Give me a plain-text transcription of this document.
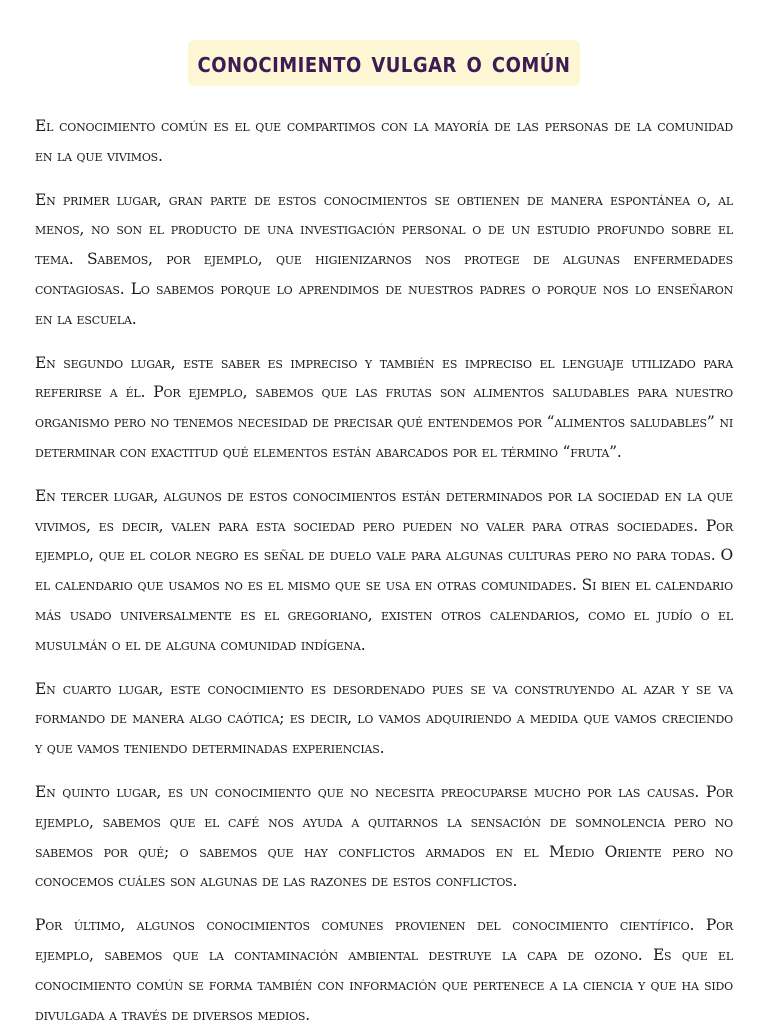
conocimiento vulgar o común

El conocimiento común es el que compartimos con la mayoría de las personas de la comunidad en la que vivimos.

En primer lugar, gran parte de estos conocimientos se obtienen de manera espontánea o, al menos, no son el producto de una investigación personal o de un estudio profundo sobre el tema. Sabemos, por ejemplo, que higienizarnos nos protege de algunas enfermedades contagiosas. Lo sabemos porque lo aprendimos de nuestros padres o porque nos lo enseñaron en la escuela.

En segundo lugar, este saber es impreciso y también es impreciso el lenguaje utilizado para referirse a él. Por ejemplo, sabemos que las frutas son alimentos saludables para nuestro organismo pero no tenemos necesidad de precisar qué entendemos por “alimentos saludables” ni determinar con exactitud qué elementos están abarcados por el término “fruta”.

En tercer lugar, algunos de estos conocimientos están determinados por la sociedad en la que vivimos, es decir, valen para esta sociedad pero pueden no valer para otras sociedades. Por ejemplo, que el color negro es señal de duelo vale para algunas culturas pero no para todas. O el calendario que usamos no es el mismo que se usa en otras comunidades. Si bien el calendario más usado universalmente es el gregoriano, existen otros calendarios, como el judío o el musulmán o el de alguna comunidad indígena.

En cuarto lugar, este conocimiento es desordenado pues se va construyendo al azar y se va formando de manera algo caótica; es decir, lo vamos adquiriendo a medida que vamos creciendo y que vamos teniendo determinadas experiencias.

En quinto lugar, es un conocimiento que no necesita preocuparse mucho por las causas. Por ejemplo, sabemos que el café nos ayuda a quitarnos la sensación de somnolencia pero no sabemos por qué; o sabemos que hay conflictos armados en el Medio Oriente pero no conocemos cuáles son algunas de las razones de estos conflictos.

Por último, algunos conocimientos comunes provienen del conocimiento científico. Por ejemplo, sabemos que la contaminación ambiental destruye la capa de ozono. Es que el conocimiento común se forma también con información que pertenece a la ciencia y que ha sido divulgada a través de diversos medios.
